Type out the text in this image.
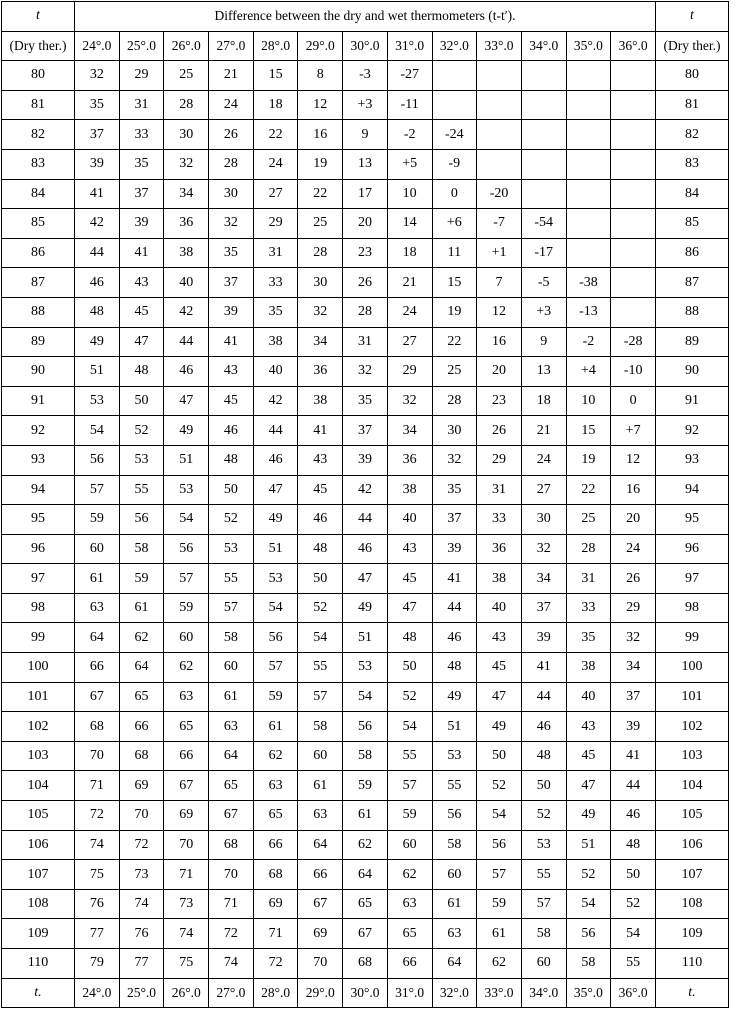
t	Difference between the dry and wet thermometers (t-t′).													t
(Dry ther.)	24°.0	25°.0	26°.0	27°.0	28°.0	29°.0	30°.0	31°.0	32°.0	33°.0	34°.0	35°.0	36°.0	(Dry ther.)
80	32	29	25	21	15	8	-3	-27						80
81	35	31	28	24	18	12	+3	-11						81
82	37	33	30	26	22	16	9	-2	-24					82
83	39	35	32	28	24	19	13	+5	-9					83
84	41	37	34	30	27	22	17	10	0	-20				84
85	42	39	36	32	29	25	20	14	+6	-7	-54			85
86	44	41	38	35	31	28	23	18	11	+1	-17			86
87	46	43	40	37	33	30	26	21	15	7	-5	-38		87
88	48	45	42	39	35	32	28	24	19	12	+3	-13		88
89	49	47	44	41	38	34	31	27	22	16	9	-2	-28	89
90	51	48	46	43	40	36	32	29	25	20	13	+4	-10	90
91	53	50	47	45	42	38	35	32	28	23	18	10	0	91
92	54	52	49	46	44	41	37	34	30	26	21	15	+7	92
93	56	53	51	48	46	43	39	36	32	29	24	19	12	93
94	57	55	53	50	47	45	42	38	35	31	27	22	16	94
95	59	56	54	52	49	46	44	40	37	33	30	25	20	95
96	60	58	56	53	51	48	46	43	39	36	32	28	24	96
97	61	59	57	55	53	50	47	45	41	38	34	31	26	97
98	63	61	59	57	54	52	49	47	44	40	37	33	29	98
99	64	62	60	58	56	54	51	48	46	43	39	35	32	99
100	66	64	62	60	57	55	53	50	48	45	41	38	34	100
101	67	65	63	61	59	57	54	52	49	47	44	40	37	101
102	68	66	65	63	61	58	56	54	51	49	46	43	39	102
103	70	68	66	64	62	60	58	55	53	50	48	45	41	103
104	71	69	67	65	63	61	59	57	55	52	50	47	44	104
105	72	70	69	67	65	63	61	59	56	54	52	49	46	105
106	74	72	70	68	66	64	62	60	58	56	53	51	48	106
107	75	73	71	70	68	66	64	62	60	57	55	52	50	107
108	76	74	73	71	69	67	65	63	61	59	57	54	52	108
109	77	76	74	72	71	69	67	65	63	61	58	56	54	109
110	79	77	75	74	72	70	68	66	64	62	60	58	55	110
t.	24°.0	25°.0	26°.0	27°.0	28°.0	29°.0	30°.0	31°.0	32°.0	33°.0	34°.0	35°.0	36°.0	t.
